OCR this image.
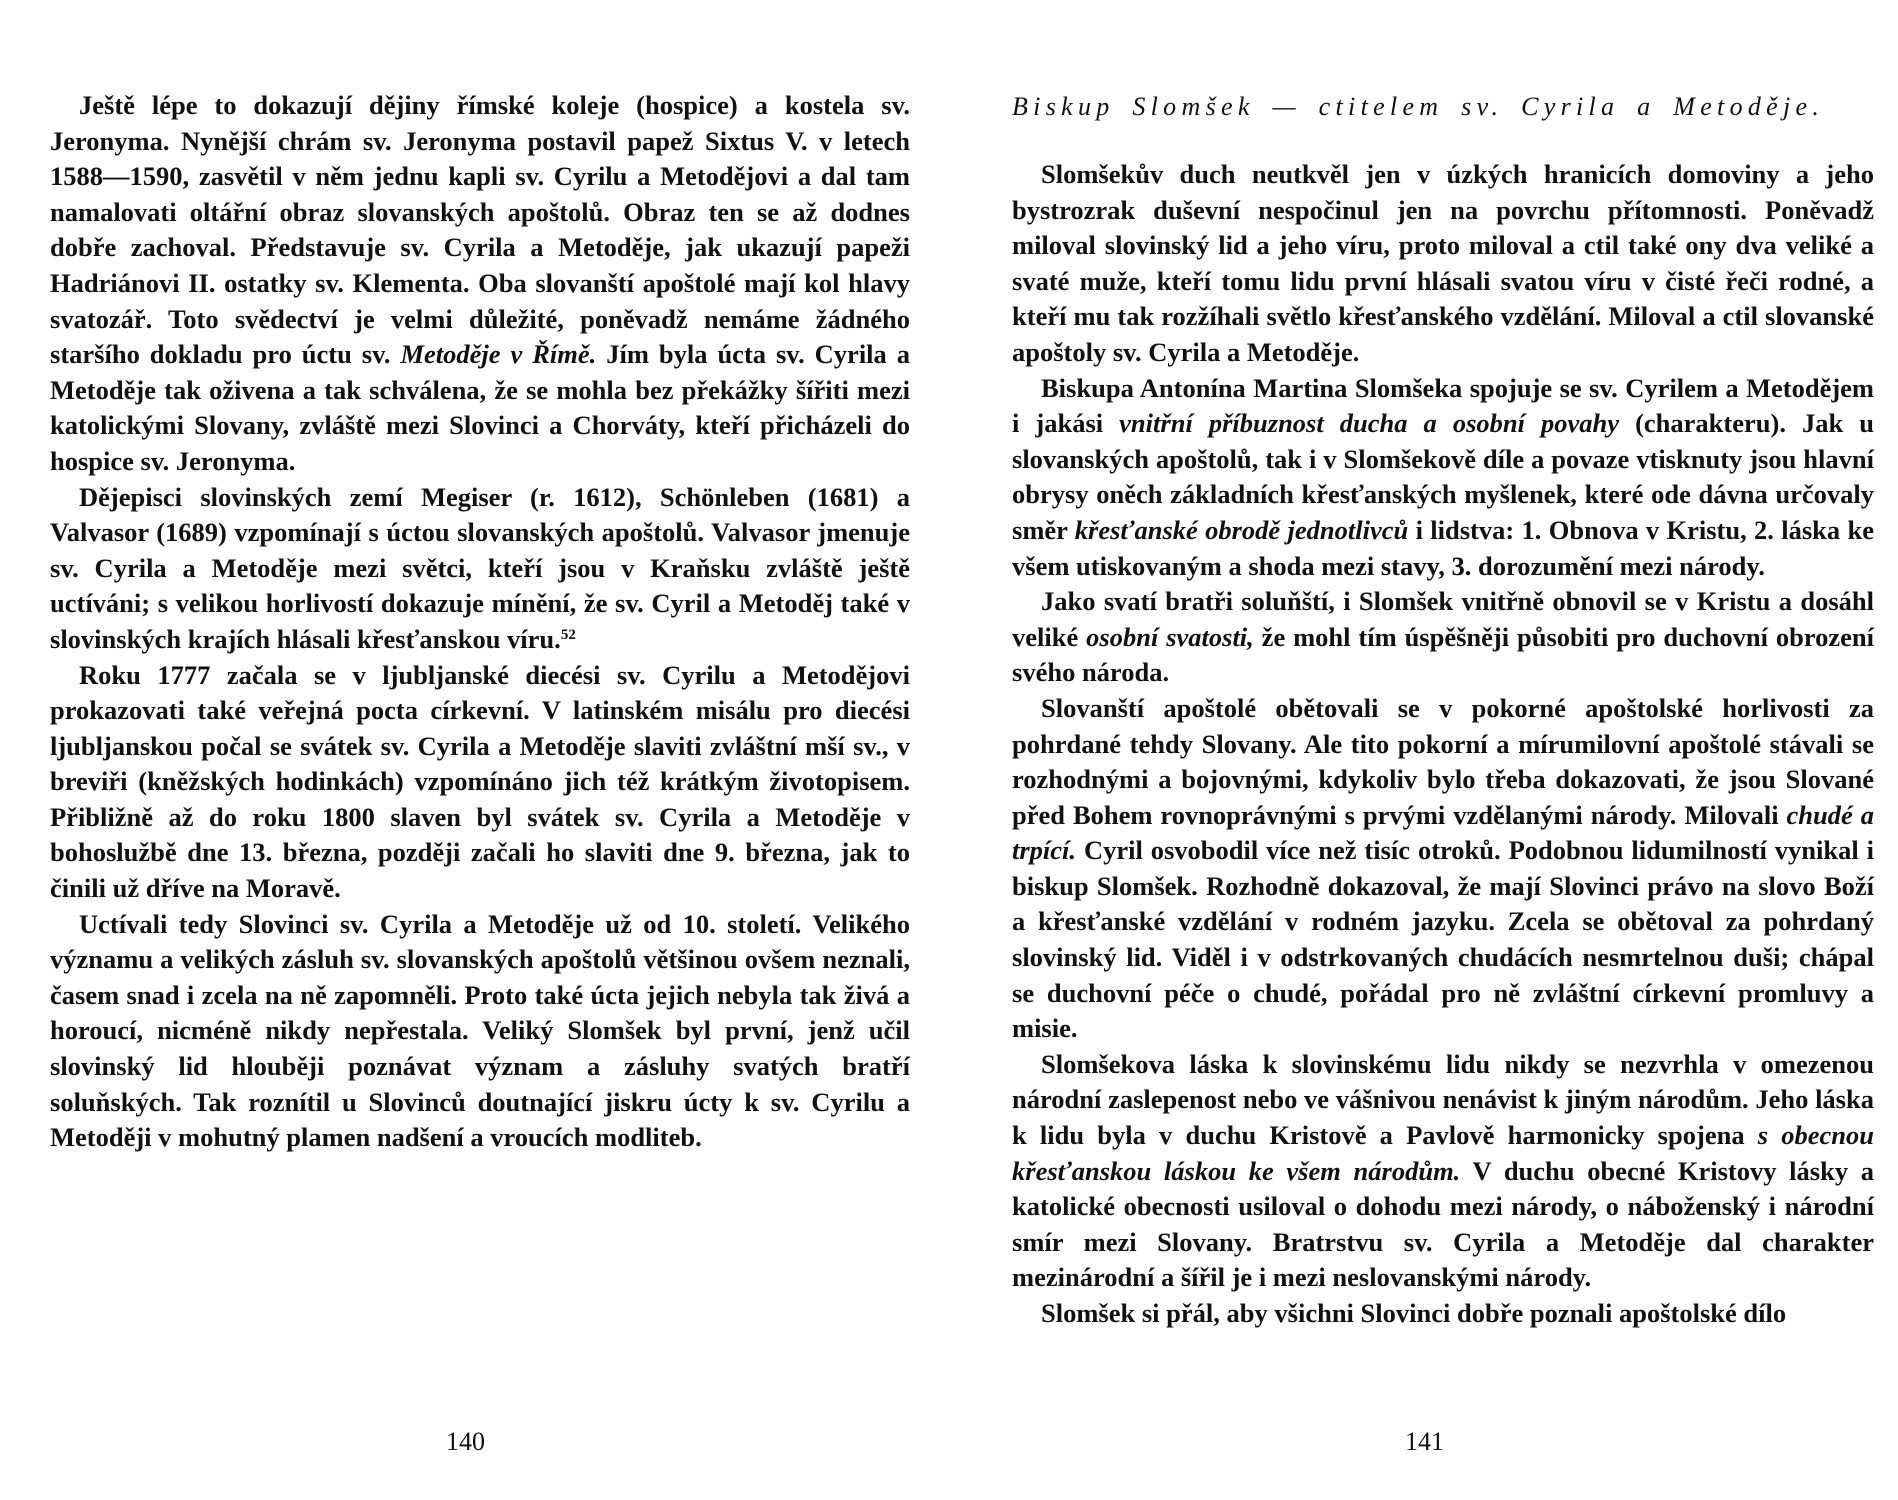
Ještě lépe to dokazují dějiny římské koleje (hospice) a kostela sv. Jeronyma. Nynější chrám sv. Jeronyma postavil papež Sixtus V. v letech 1588—1590, zasvětil v něm jednu kapli sv. Cyrilu a Metodějovi a dal tam namalovati oltářní obraz slovanských apoštolů. Obraz ten se až dodnes dobře zachoval. Představuje sv. Cyrila a Metoděje, jak ukazují papeži Hadriánovi II. ostatky sv. Klementa. Oba slovanští apoštolé mají kol hlavy svatozář. Toto svědectví je velmi důležité, poněvadž nemáme žádného staršího dokladu pro úctu sv. Metoděje v Římě. Jím byla úcta sv. Cyrila a Metoděje tak oživena a tak schválena, že se mohla bez překážky šířiti mezi katolickými Slovany, zvláště mezi Slovinci a Chorváty, kteří přicházeli do hospice sv. Jeronyma.

Dějepisci slovinských zemí Megiser (r. 1612), Schönleben (1681) a Valvasor (1689) vzpomínají s úctou slovanských apoštolů. Valvasor jmenuje sv. Cyrila a Metoděje mezi světci, kteří jsou v Kraňsku zvláště ještě uctíváni; s velikou horlivostí dokazuje mínění, že sv. Cyril a Metoděj také v slovinských krajích hlásali křesťanskou víru.$^{52}$

Roku 1777 začala se v ljubljanské diecési sv. Cyrilu a Metodějovi prokazovati také veřejná pocta církevní. V latinském misálu pro diecési ljubljanskou počal se svátek sv. Cyrila a Metoděje slaviti zvláštní mší sv., v breviři (kněžských hodinkách) vzpomínáno jich též krátkým životopisem. Přibližně až do roku 1800 slaven byl svátek sv. Cyrila a Metoděje v bohoslužbě dne 13. března, později začali ho slaviti dne 9. března, jak to činili už dříve na Moravě.

Uctívali tedy Slovinci sv. Cyrila a Metoděje už od 10. století. Velikého významu a velikých zásluh sv. slovanských apoštolů většinou ovšem neznali, časem snad i zcela na ně zapomněli. Proto také úcta jejich nebyla tak živá a horoucí, nicméně nikdy nepřestala. Veliký Slomšek byl první, jenž učil slovinský lid hlouběji poznávat význam a zásluhy svatých bratří soluňských. Tak roznítil u Slovinců doutnající jiskru úcty k sv. Cyrilu a Metoději v mohutný plamen nadšení a vroucích modliteb.

140
Biskup Slomšek — ctitelem sv. Cyrila a Metoděje.

Slomšekův duch neutkvěl jen v úzkých hranicích domoviny a jeho bystrozrak duševní nespočinul jen na povrchu přítomnosti. Poněvadž miloval slovinský lid a jeho víru, proto miloval a ctil také ony dva veliké a svaté muže, kteří tomu lidu první hlásali svatou víru v čisté řeči rodné, a kteří mu tak rozžíhali světlo křesťanského vzdělání. Miloval a ctil slovanské apoštoly sv. Cyrila a Metoděje.

Biskupa Antonína Martina Slomšeka spojuje se sv. Cyrilem a Metodějem i jakási vnitřní příbuznost ducha a osobní povahy (charakteru). Jak u slovanských apoštolů, tak i v Slomšekově díle a povaze vtisknuty jsou hlavní obrysy oněch základních křesťanských myšlenek, které ode dávna určovaly směr křesťanské obrodě jednotlivců i lidstva: 1. Obnova v Kristu, 2. láska ke všem utiskovaným a shoda mezi stavy, 3. dorozumění mezi národy.

Jako svatí bratři soluňští, i Slomšek vnitřně obnovil se v Kristu a dosáhl veliké osobní svatosti, že mohl tím úspěšněji působiti pro duchovní obrození svého národa.

Slovanští apoštolé obětovali se v pokorné apoštolské horlivosti za pohrdané tehdy Slovany. Ale tito pokorní a mírumilovní apoštolé stávali se rozhodnými a bojovnými, kdykoliv bylo třeba dokazovati, že jsou Slované před Bohem rovnoprávnými s prvými vzdělanými národy. Milovali chudé a trpící. Cyril osvobodil více než tisíc otroků. Podobnou lidumilností vynikal i biskup Slomšek. Rozhodně dokazoval, že mají Slovinci právo na slovo Boží a křesťanské vzdělání v rodném jazyku. Zcela se obětoval za pohrdaný slovinský lid. Viděl i v odstrkovaných chudácích nesmrtelnou duši; chápal se duchovní péče o chudé, pořádal pro ně zvláštní církevní promluvy a misie.

Slomšekova láska k slovinskému lidu nikdy se nezvrhla v omezenou národní zaslepenost nebo ve vášnivou nenávist k jiným národům. Jeho láska k lidu byla v duchu Kristově a Pavlově harmonicky spojena s obecnou křesťanskou láskou ke všem národům. V duchu obecné Kristovy lásky a katolické obecnosti usiloval o dohodu mezi národy, o náboženský i národní smír mezi Slovany. Bratrstvu sv. Cyrila a Metoděje dal charakter mezinárodní a šířil je i mezi neslovanskými národy.

Slomšek si přál, aby všichni Slovinci dobře poznali apoštolské dílo

141
